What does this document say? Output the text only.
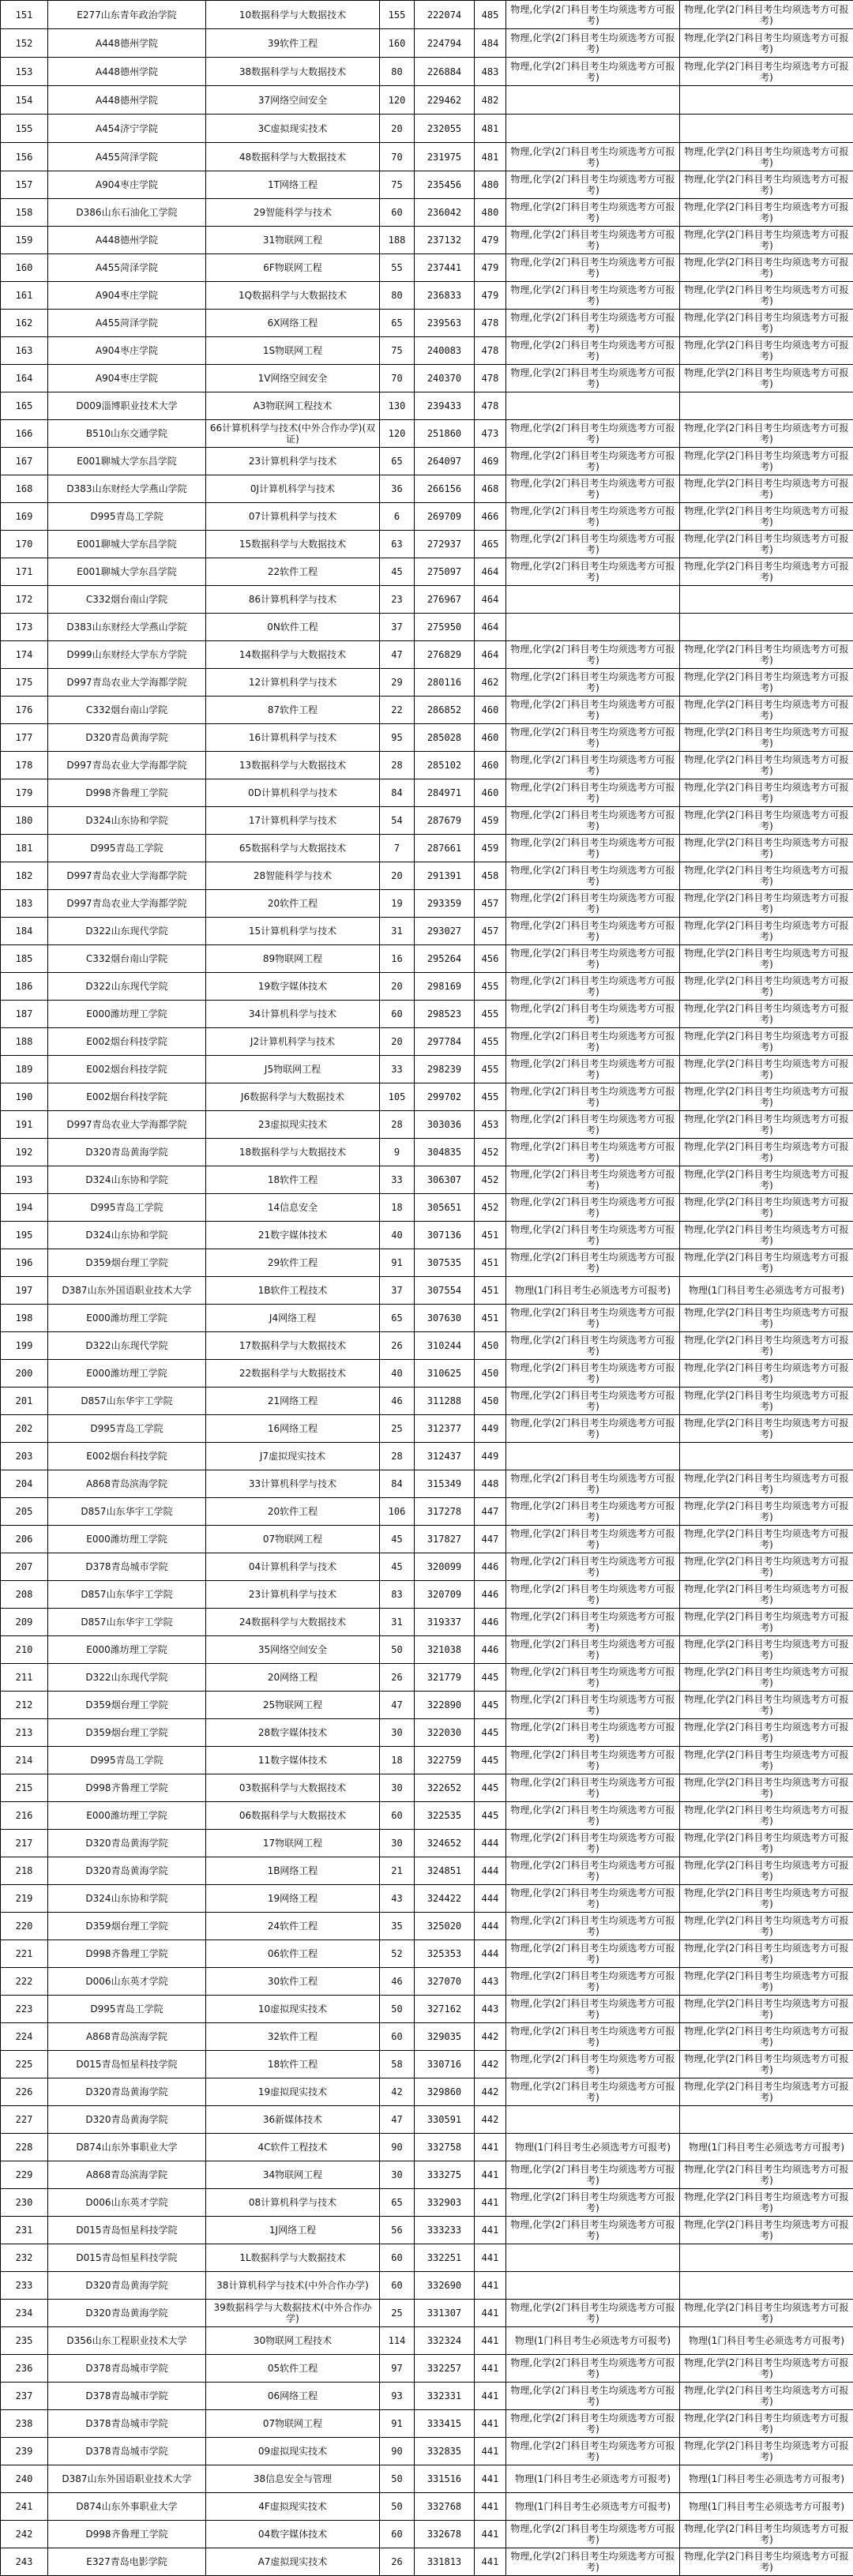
151	E277山东青年政治学院	10数据科学与大数据技术	155	222074	485	物理,化学(2门科目考生均须选考方可报考)	物理,化学(2门科目考生均须选考方可报考)
152	A448德州学院	39软件工程	160	224794	484	物理,化学(2门科目考生均须选考方可报考)	物理,化学(2门科目考生均须选考方可报考)
153	A448德州学院	38数据科学与大数据技术	80	226884	483	物理,化学(2门科目考生均须选考方可报考)	物理,化学(2门科目考生均须选考方可报考)
154	A448德州学院	37网络空间安全	120	229462	482		
155	A454济宁学院	3C虚拟现实技术	20	232055	481		
156	A455菏泽学院	48数据科学与大数据技术	70	231975	481	物理,化学(2门科目考生均须选考方可报考)	物理,化学(2门科目考生均须选考方可报考)
157	A904枣庄学院	1T网络工程	75	235456	480	物理,化学(2门科目考生均须选考方可报考)	物理,化学(2门科目考生均须选考方可报考)
158	D386山东石油化工学院	29智能科学与技术	60	236042	480	物理,化学(2门科目考生均须选考方可报考)	物理,化学(2门科目考生均须选考方可报考)
159	A448德州学院	31物联网工程	188	237132	479	物理,化学(2门科目考生均须选考方可报考)	物理,化学(2门科目考生均须选考方可报考)
160	A455菏泽学院	6F物联网工程	55	237441	479	物理,化学(2门科目考生均须选考方可报考)	物理,化学(2门科目考生均须选考方可报考)
161	A904枣庄学院	1Q数据科学与大数据技术	80	236833	479	物理,化学(2门科目考生均须选考方可报考)	物理,化学(2门科目考生均须选考方可报考)
162	A455菏泽学院	6X网络工程	65	239563	478	物理,化学(2门科目考生均须选考方可报考)	物理,化学(2门科目考生均须选考方可报考)
163	A904枣庄学院	1S物联网工程	75	240083	478	物理,化学(2门科目考生均须选考方可报考)	物理,化学(2门科目考生均须选考方可报考)
164	A904枣庄学院	1V网络空间安全	70	240370	478	物理,化学(2门科目考生均须选考方可报考)	物理,化学(2门科目考生均须选考方可报考)
165	D009淄博职业技术大学	A3物联网工程技术	130	239433	478		
166	B510山东交通学院	66计算机科学与技术(中外合作办学)(双证)	120	251860	473	物理,化学(2门科目考生均须选考方可报考)	物理,化学(2门科目考生均须选考方可报考)
167	E001聊城大学东昌学院	23计算机科学与技术	65	264097	469	物理,化学(2门科目考生均须选考方可报考)	物理,化学(2门科目考生均须选考方可报考)
168	D383山东财经大学燕山学院	0J计算机科学与技术	36	266156	468	物理,化学(2门科目考生均须选考方可报考)	物理,化学(2门科目考生均须选考方可报考)
169	D995青岛工学院	07计算机科学与技术	6	269709	466	物理,化学(2门科目考生均须选考方可报考)	物理,化学(2门科目考生均须选考方可报考)
170	E001聊城大学东昌学院	15数据科学与大数据技术	63	272937	465	物理,化学(2门科目考生均须选考方可报考)	物理,化学(2门科目考生均须选考方可报考)
171	E001聊城大学东昌学院	22软件工程	45	275097	464	物理,化学(2门科目考生均须选考方可报考)	物理,化学(2门科目考生均须选考方可报考)
172	C332烟台南山学院	86计算机科学与技术	23	276967	464		
173	D383山东财经大学燕山学院	0N软件工程	37	275950	464		
174	D999山东财经大学东方学院	14数据科学与大数据技术	47	276829	464	物理,化学(2门科目考生均须选考方可报考)	物理,化学(2门科目考生均须选考方可报考)
175	D997青岛农业大学海都学院	12计算机科学与技术	29	280116	462	物理,化学(2门科目考生均须选考方可报考)	物理,化学(2门科目考生均须选考方可报考)
176	C332烟台南山学院	87软件工程	22	286852	460	物理,化学(2门科目考生均须选考方可报考)	物理,化学(2门科目考生均须选考方可报考)
177	D320青岛黄海学院	16计算机科学与技术	95	285028	460	物理,化学(2门科目考生均须选考方可报考)	物理,化学(2门科目考生均须选考方可报考)
178	D997青岛农业大学海都学院	13数据科学与大数据技术	28	285102	460	物理,化学(2门科目考生均须选考方可报考)	物理,化学(2门科目考生均须选考方可报考)
179	D998齐鲁理工学院	0D计算机科学与技术	84	284971	460	物理,化学(2门科目考生均须选考方可报考)	物理,化学(2门科目考生均须选考方可报考)
180	D324山东协和学院	17计算机科学与技术	54	287679	459	物理,化学(2门科目考生均须选考方可报考)	物理,化学(2门科目考生均须选考方可报考)
181	D995青岛工学院	65数据科学与大数据技术	7	287661	459	物理,化学(2门科目考生均须选考方可报考)	物理,化学(2门科目考生均须选考方可报考)
182	D997青岛农业大学海都学院	28智能科学与技术	20	291391	458	物理,化学(2门科目考生均须选考方可报考)	物理,化学(2门科目考生均须选考方可报考)
183	D997青岛农业大学海都学院	20软件工程	19	293359	457	物理,化学(2门科目考生均须选考方可报考)	物理,化学(2门科目考生均须选考方可报考)
184	D322山东现代学院	15计算机科学与技术	31	293027	457	物理,化学(2门科目考生均须选考方可报考)	物理,化学(2门科目考生均须选考方可报考)
185	C332烟台南山学院	89物联网工程	16	295264	456	物理,化学(2门科目考生均须选考方可报考)	物理,化学(2门科目考生均须选考方可报考)
186	D322山东现代学院	19数字媒体技术	20	298169	455	物理,化学(2门科目考生均须选考方可报考)	物理,化学(2门科目考生均须选考方可报考)
187	E000潍坊理工学院	34计算机科学与技术	60	298523	455	物理,化学(2门科目考生均须选考方可报考)	物理,化学(2门科目考生均须选考方可报考)
188	E002烟台科技学院	J2计算机科学与技术	20	297784	455	物理,化学(2门科目考生均须选考方可报考)	物理,化学(2门科目考生均须选考方可报考)
189	E002烟台科技学院	J5物联网工程	33	298239	455	物理,化学(2门科目考生均须选考方可报考)	物理,化学(2门科目考生均须选考方可报考)
190	E002烟台科技学院	J6数据科学与大数据技术	105	299702	455	物理,化学(2门科目考生均须选考方可报考)	物理,化学(2门科目考生均须选考方可报考)
191	D997青岛农业大学海都学院	23虚拟现实技术	28	303036	453	物理,化学(2门科目考生均须选考方可报考)	物理,化学(2门科目考生均须选考方可报考)
192	D320青岛黄海学院	18数据科学与大数据技术	9	304835	452	物理,化学(2门科目考生均须选考方可报考)	物理,化学(2门科目考生均须选考方可报考)
193	D324山东协和学院	18软件工程	33	306307	452	物理,化学(2门科目考生均须选考方可报考)	物理,化学(2门科目考生均须选考方可报考)
194	D995青岛工学院	14信息安全	18	305651	452	物理,化学(2门科目考生均须选考方可报考)	物理,化学(2门科目考生均须选考方可报考)
195	D324山东协和学院	21数字媒体技术	40	307136	451	物理,化学(2门科目考生均须选考方可报考)	物理,化学(2门科目考生均须选考方可报考)
196	D359烟台理工学院	29软件工程	91	307535	451	物理,化学(2门科目考生均须选考方可报考)	物理,化学(2门科目考生均须选考方可报考)
197	D387山东外国语职业技术大学	1B软件工程技术	37	307554	451	物理(1门科目考生必须选考方可报考)	物理(1门科目考生必须选考方可报考)
198	E000潍坊理工学院	J4网络工程	65	307630	451	物理,化学(2门科目考生均须选考方可报考)	物理,化学(2门科目考生均须选考方可报考)
199	D322山东现代学院	17数据科学与大数据技术	26	310244	450	物理,化学(2门科目考生均须选考方可报考)	物理,化学(2门科目考生均须选考方可报考)
200	E000潍坊理工学院	22数据科学与大数据技术	40	310625	450	物理,化学(2门科目考生均须选考方可报考)	物理,化学(2门科目考生均须选考方可报考)
201	D857山东华宇工学院	21网络工程	46	311288	450	物理,化学(2门科目考生均须选考方可报考)	物理,化学(2门科目考生均须选考方可报考)
202	D995青岛工学院	16网络工程	25	312377	449	物理,化学(2门科目考生均须选考方可报考)	物理,化学(2门科目考生均须选考方可报考)
203	E002烟台科技学院	J7虚拟现实技术	28	312437	449		
204	A868青岛滨海学院	33计算机科学与技术	84	315349	448	物理,化学(2门科目考生均须选考方可报考)	物理,化学(2门科目考生均须选考方可报考)
205	D857山东华宇工学院	20软件工程	106	317278	447	物理,化学(2门科目考生均须选考方可报考)	物理,化学(2门科目考生均须选考方可报考)
206	E000潍坊理工学院	07物联网工程	45	317827	447	物理,化学(2门科目考生均须选考方可报考)	物理,化学(2门科目考生均须选考方可报考)
207	D378青岛城市学院	04计算机科学与技术	45	320099	446	物理,化学(2门科目考生均须选考方可报考)	物理,化学(2门科目考生均须选考方可报考)
208	D857山东华宇工学院	23计算机科学与技术	83	320709	446	物理,化学(2门科目考生均须选考方可报考)	物理,化学(2门科目考生均须选考方可报考)
209	D857山东华宇工学院	24数据科学与大数据技术	31	319337	446	物理,化学(2门科目考生均须选考方可报考)	物理,化学(2门科目考生均须选考方可报考)
210	E000潍坊理工学院	35网络空间安全	50	321038	446	物理,化学(2门科目考生均须选考方可报考)	物理,化学(2门科目考生均须选考方可报考)
211	D322山东现代学院	20网络工程	26	321779	445	物理,化学(2门科目考生均须选考方可报考)	物理,化学(2门科目考生均须选考方可报考)
212	D359烟台理工学院	25物联网工程	47	322890	445	物理,化学(2门科目考生均须选考方可报考)	物理,化学(2门科目考生均须选考方可报考)
213	D359烟台理工学院	28数字媒体技术	30	322030	445	物理,化学(2门科目考生均须选考方可报考)	物理,化学(2门科目考生均须选考方可报考)
214	D995青岛工学院	11数字媒体技术	18	322759	445	物理,化学(2门科目考生均须选考方可报考)	物理,化学(2门科目考生均须选考方可报考)
215	D998齐鲁理工学院	03数据科学与大数据技术	30	322652	445	物理,化学(2门科目考生均须选考方可报考)	物理,化学(2门科目考生均须选考方可报考)
216	E000潍坊理工学院	06数据科学与大数据技术	60	322535	445	物理,化学(2门科目考生均须选考方可报考)	物理,化学(2门科目考生均须选考方可报考)
217	D320青岛黄海学院	17物联网工程	30	324652	444	物理,化学(2门科目考生均须选考方可报考)	物理,化学(2门科目考生均须选考方可报考)
218	D320青岛黄海学院	1B网络工程	21	324851	444	物理,化学(2门科目考生均须选考方可报考)	物理,化学(2门科目考生均须选考方可报考)
219	D324山东协和学院	19网络工程	43	324422	444	物理,化学(2门科目考生均须选考方可报考)	物理,化学(2门科目考生均须选考方可报考)
220	D359烟台理工学院	24软件工程	35	325020	444	物理,化学(2门科目考生均须选考方可报考)	物理,化学(2门科目考生均须选考方可报考)
221	D998齐鲁理工学院	06软件工程	52	325353	444	物理,化学(2门科目考生均须选考方可报考)	物理,化学(2门科目考生均须选考方可报考)
222	D006山东英才学院	30软件工程	46	327070	443	物理,化学(2门科目考生均须选考方可报考)	物理,化学(2门科目考生均须选考方可报考)
223	D995青岛工学院	10虚拟现实技术	50	327162	443	物理,化学(2门科目考生均须选考方可报考)	物理,化学(2门科目考生均须选考方可报考)
224	A868青岛滨海学院	32软件工程	60	329035	442	物理,化学(2门科目考生均须选考方可报考)	物理,化学(2门科目考生均须选考方可报考)
225	D015青岛恒星科技学院	18软件工程	58	330716	442	物理,化学(2门科目考生均须选考方可报考)	物理,化学(2门科目考生均须选考方可报考)
226	D320青岛黄海学院	19虚拟现实技术	42	329860	442	物理,化学(2门科目考生均须选考方可报考)	物理,化学(2门科目考生均须选考方可报考)
227	D320青岛黄海学院	36新媒体技术	47	330591	442		
228	D874山东外事职业大学	4C软件工程技术	90	332758	441	物理(1门科目考生必须选考方可报考)	物理(1门科目考生必须选考方可报考)
229	A868青岛滨海学院	34物联网工程	30	333275	441	物理,化学(2门科目考生均须选考方可报考)	物理,化学(2门科目考生均须选考方可报考)
230	D006山东英才学院	08计算机科学与技术	65	332903	441	物理,化学(2门科目考生均须选考方可报考)	物理,化学(2门科目考生均须选考方可报考)
231	D015青岛恒星科技学院	1J网络工程	56	333233	441	物理,化学(2门科目考生均须选考方可报考)	物理,化学(2门科目考生均须选考方可报考)
232	D015青岛恒星科技学院	1L数据科学与大数据技术	60	332251	441		
233	D320青岛黄海学院	38计算机科学与技术(中外合作办学)	60	332690	441		
234	D320青岛黄海学院	39数据科学与大数据技术(中外合作办学)	25	331307	441	物理,化学(2门科目考生均须选考方可报考)	物理,化学(2门科目考生均须选考方可报考)
235	D356山东工程职业技术大学	30物联网工程技术	114	332324	441	物理(1门科目考生必须选考方可报考)	物理(1门科目考生必须选考方可报考)
236	D378青岛城市学院	05软件工程	97	332257	441	物理,化学(2门科目考生均须选考方可报考)	物理,化学(2门科目考生均须选考方可报考)
237	D378青岛城市学院	06网络工程	93	332331	441	物理,化学(2门科目考生均须选考方可报考)	物理,化学(2门科目考生均须选考方可报考)
238	D378青岛城市学院	07物联网工程	91	333415	441	物理,化学(2门科目考生均须选考方可报考)	物理,化学(2门科目考生均须选考方可报考)
239	D378青岛城市学院	09虚拟现实技术	90	332835	441	物理,化学(2门科目考生均须选考方可报考)	物理,化学(2门科目考生均须选考方可报考)
240	D387山东外国语职业技术大学	38信息安全与管理	50	331516	441	物理(1门科目考生必须选考方可报考)	物理(1门科目考生必须选考方可报考)
241	D874山东外事职业大学	4F虚拟现实技术	50	332768	441	物理(1门科目考生必须选考方可报考)	物理(1门科目考生必须选考方可报考)
242	D998齐鲁理工学院	04数字媒体技术	60	332678	441	物理,化学(2门科目考生均须选考方可报考)	物理,化学(2门科目考生均须选考方可报考)
243	E327青岛电影学院	A7虚拟现实技术	26	331813	441	物理,化学(2门科目考生均须选考方可报考)	物理,化学(2门科目考生均须选考方可报考)
